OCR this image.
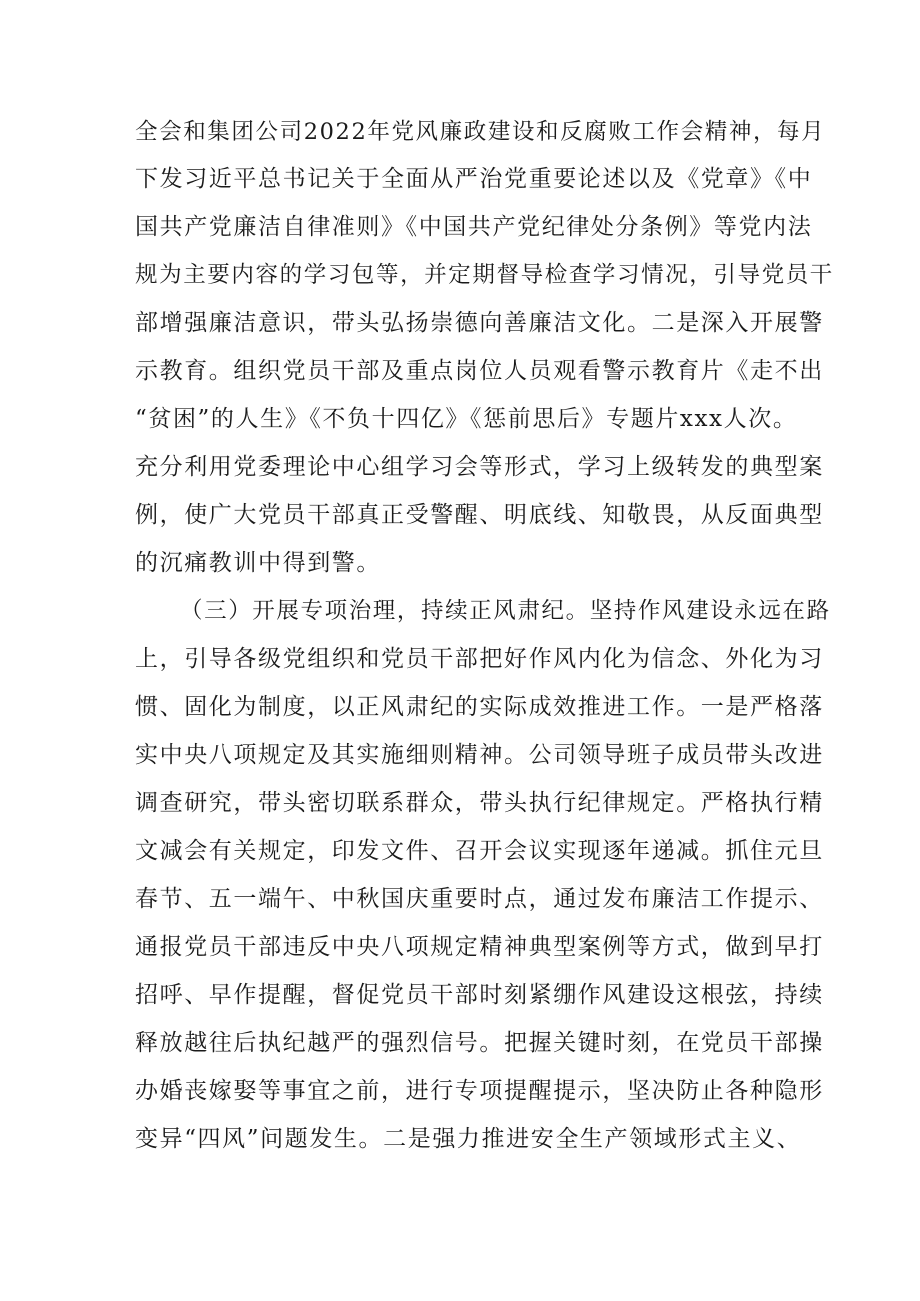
全会和集团公司2022年党风廉政建设和反腐败工作会精神，每月
下发习近平总书记关于全面从严治党重要论述以及《党章》《中
国共产党廉洁自律准则》《中国共产党纪律处分条例》等党内法
规为主要内容的学习包等，并定期督导检查学习情况，引导党员干
部增强廉洁意识，带头弘扬崇德向善廉洁文化。二是深入开展警
示教育。组织党员干部及重点岗位人员观看警示教育片《走不出
“贫困”的人生》《不负十四亿》《惩前思后》专题片xxx人次。
充分利用党委理论中心组学习会等形式，学习上级转发的典型案
例，使广大党员干部真正受警醒、明底线、知敬畏，从反面典型
的沉痛教训中得到警。
（三）开展专项治理，持续正风肃纪。坚持作风建设永远在路
上，引导各级党组织和党员干部把好作风内化为信念、外化为习
惯、固化为制度，以正风肃纪的实际成效推进工作。一是严格落
实中央八项规定及其实施细则精神。公司领导班子成员带头改进
调查研究，带头密切联系群众，带头执行纪律规定。严格执行精
文减会有关规定，印发文件、召开会议实现逐年递减。抓住元旦
春节、五一端午、中秋国庆重要时点，通过发布廉洁工作提示、
通报党员干部违反中央八项规定精神典型案例等方式，做到早打
招呼、早作提醒，督促党员干部时刻紧绷作风建设这根弦，持续
释放越往后执纪越严的强烈信号。把握关键时刻，在党员干部操
办婚丧嫁娶等事宜之前，进行专项提醒提示，坚决防止各种隐形
变异“四风”问题发生。二是强力推进安全生产领域形式主义、
